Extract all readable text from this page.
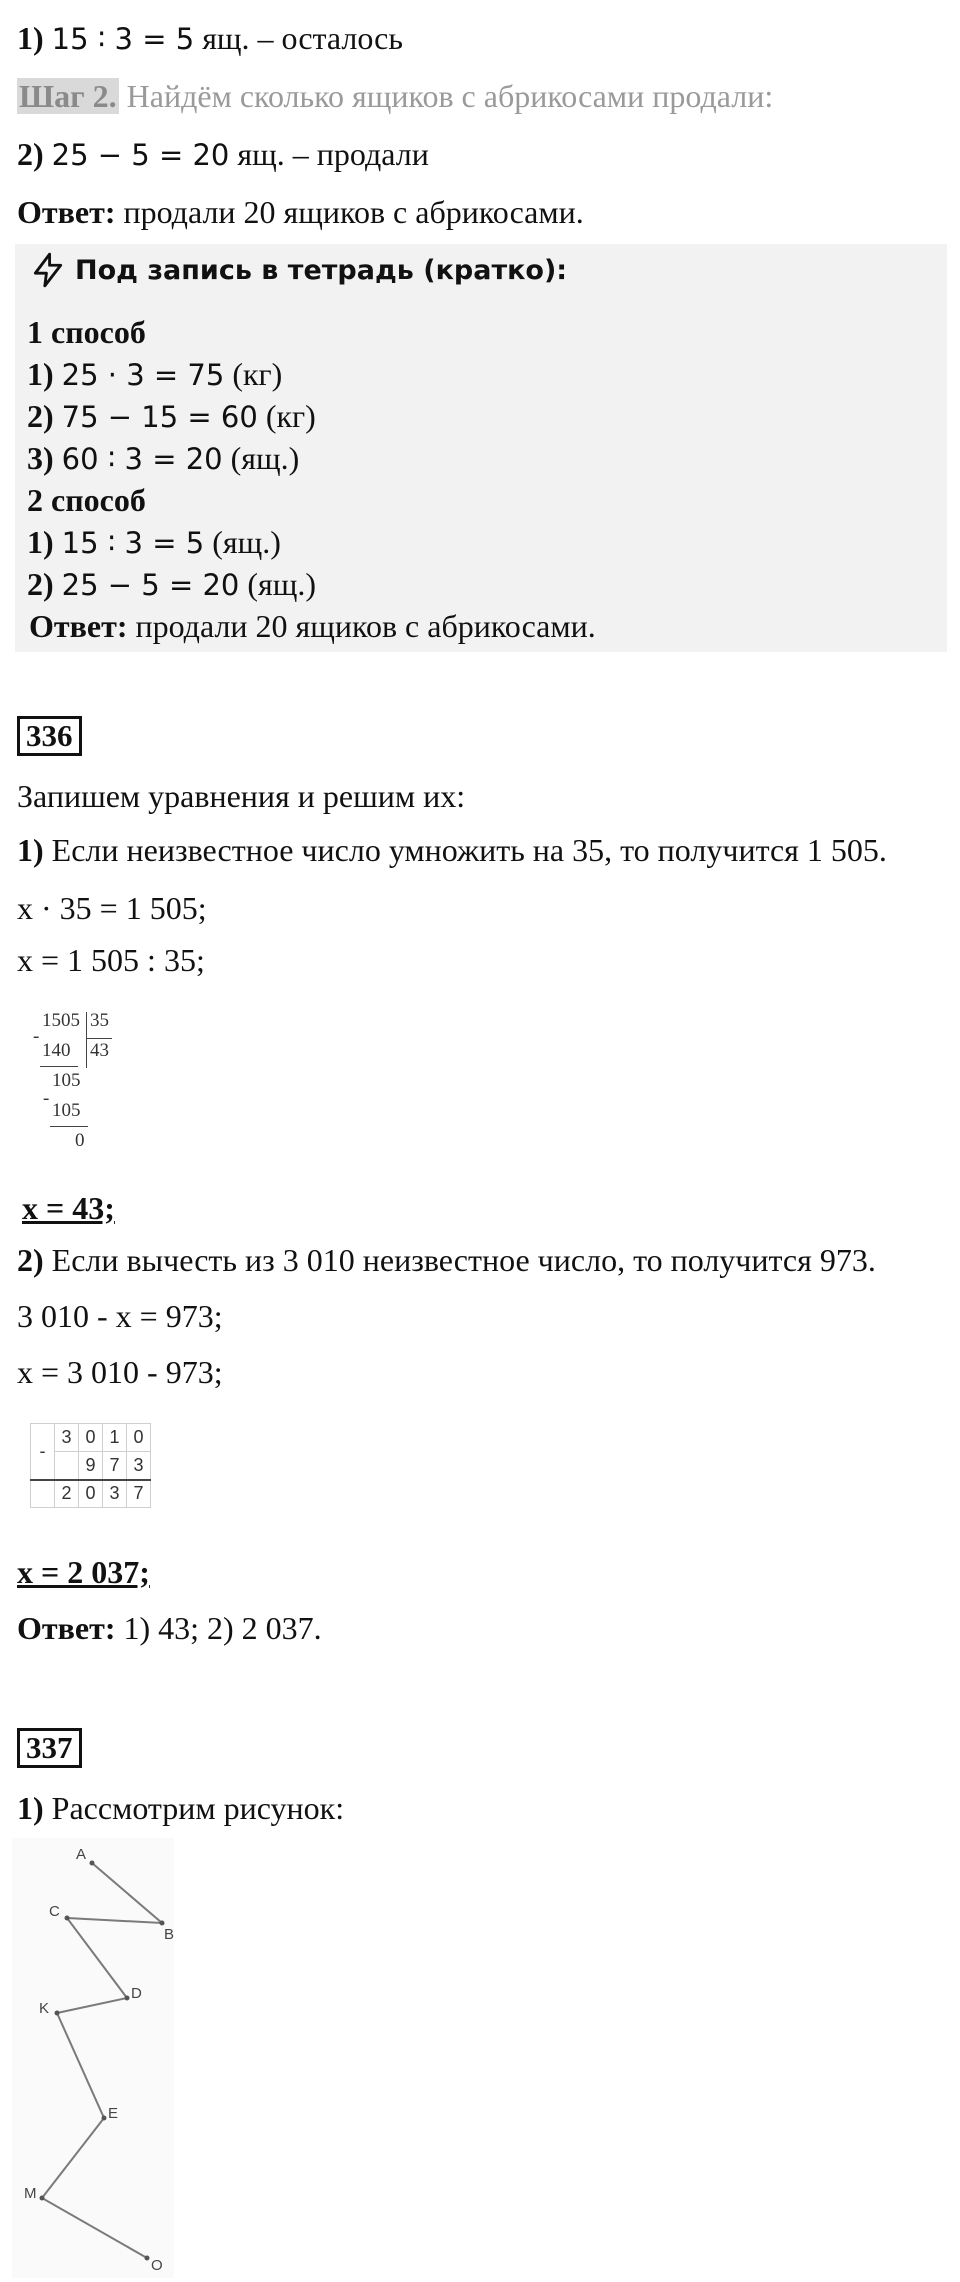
1) 15 ∶ 3 = 5 ящ. – осталось
Шаг 2. Найдём сколько ящиков с абрикосами продали:
2) 25 − 5 = 20 ящ. – продали
Ответ: продали 20 ящиков с абрикосами.
Под запись в тетрадь (кратко):
1 способ
1) 25 · 3 = 75 (кг)
2) 75 − 15 = 60 (кг)
3) 60 ∶ 3 = 20 (ящ.)
2 способ
1) 15 ∶ 3 = 5 (ящ.)
2) 25 − 5 = 20 (ящ.)
Ответ: продали 20 ящиков с абрикосами.
336
Запишем уравнения и решим их:
1) Если неизвестное число умножить на 35, то получится 1 505.
x · 35 = 1 505;
x = 1 505 : 35;
1505 35
-
140 43
105
-
105
0
x = 43;
2) Если вычесть из 3 010 неизвестное число, то получится 973.
3 010 - x = 973;
x = 3 010 - 973;
-	3	0	1	0
		9	7	3
	2	0	3	7
x = 2 037;
Ответ: 1) 43; 2) 2 037.
337
1) Рассмотрим рисунок:
A
B
C
D
K
E
M
O
